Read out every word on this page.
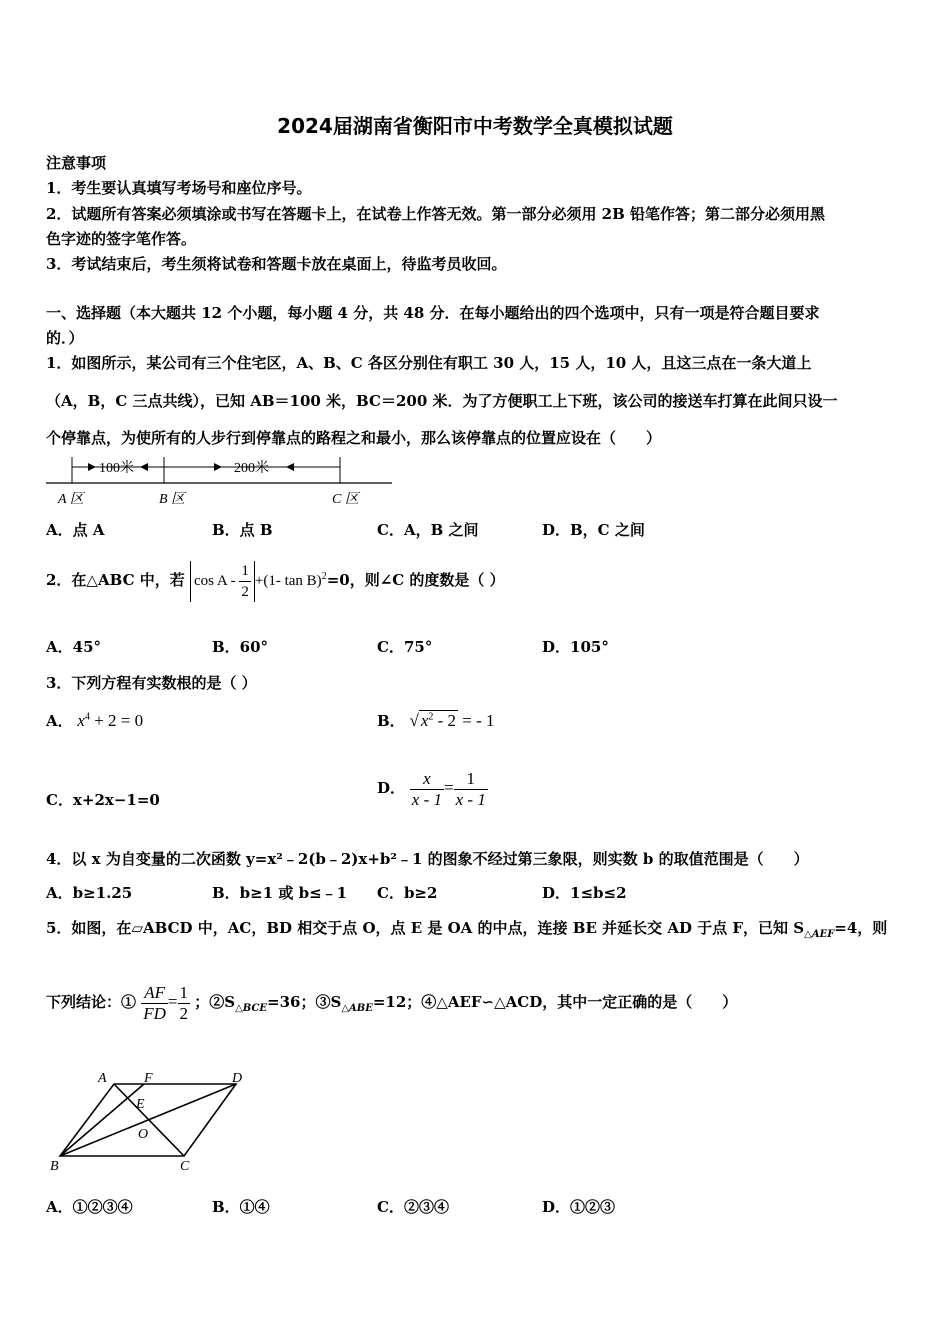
2024届湖南省衡阳市中考数学全真模拟试题
注意事项
1．考生要认真填写考场号和座位序号。
2．试题所有答案必须填涂或书写在答题卡上，在试卷上作答无效。第一部分必须用 2B 铅笔作答；第二部分必须用黑
色字迹的签字笔作答。
3．考试结束后，考生须将试卷和答题卡放在桌面上，待监考员收回。
一、选择题（本大题共 12 个小题，每小题 4 分，共 48 分．在每小题给出的四个选项中，只有一项是符合题目要求
的．）
1．如图所示，某公司有三个住宅区，A、B、C 各区分别住有职工 30 人，15 人，10 人，且这三点在一条大道上
（A，B，C 三点共线），已知 AB＝100 米，BC＝200 米．为了方便职工上下班，该公司的接送车打算在此间只设一
个停靠点，为使所有的人步行到停靠点的路程之和最小，那么该停靠点的位置应设在（　　）
100米	200米
A 区	B 区	C 区
A．点 A	B．点 B	C．A，B 之间	D．B，C 之间
2．在△ABC 中，若 $\cos A - \frac{1}{2} +(1-$ tan B)$^2$=0，则∠C 的度数是（ ）
A．45°	B．60°	C．75°	D．105°
3．下列方程有实数根的是（ ）
A． $x^4 + 2 = 0$	B． √ $x^2 - 2$ = - 1
C．x+2x−1=0
D． $\frac{x}{x - 1} = \frac{1}{x - 1}$
4．以 x 为自变量的二次函数 y=x²﹣2(b﹣2)x+b²﹣1 的图象不经过第三象限，则实数 b 的取值范围是（　　）
A．b≥1.25	B．b≥1 或 b≤﹣1 C．b≥2	D．1≤b≤2
5．如图，在▱ABCD 中，AC，BD 相交于点 O，点 E 是 OA 的中点，连接 BE 并延长交 AD 于点 F，已知 $S_{\triangle AEF}=4$，则
下列结论：① $\frac{AF}{FD} = \frac{1}{2}$ ；$②S_{\triangle BCE}=36$；$③S_{\triangle ABE}=12$；④△AEF∽△ACD，其中一定正确的是（　　）
A	F	D
E
O
B	C
A．①②③④	B．①④	C．②③④	D．①②③
